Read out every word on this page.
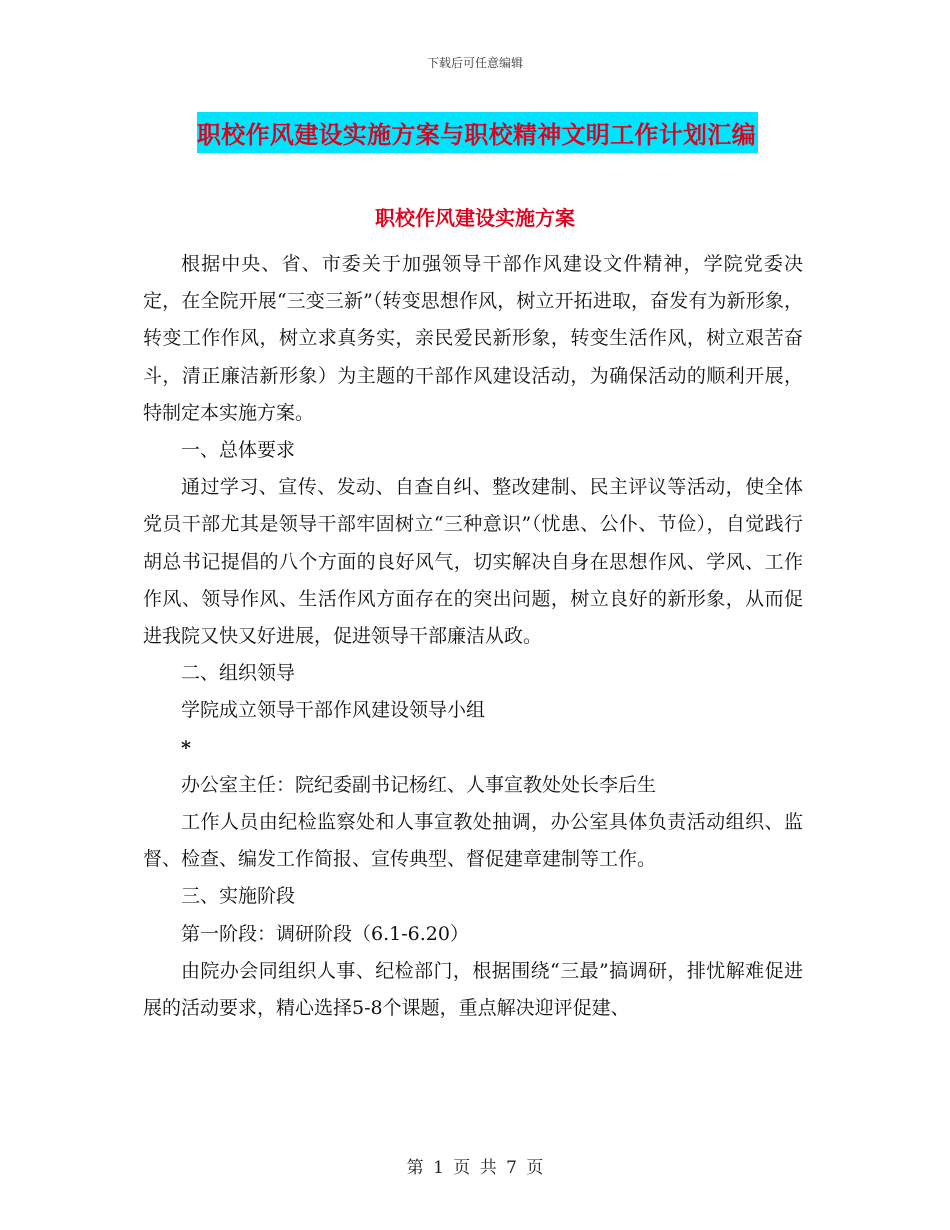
下载后可任意编辑
职校作风建设实施方案与职校精神文明工作计划汇编
职校作风建设实施方案

根据中央、省、市委关于加强领导干部作风建设文件精神，学院党委决定，在全院开展“三变三新”（转变思想作风，树立开拓进取，奋发有为新形象，转变工作作风，树立求真务实，亲民爱民新形象，转变生活作风，树立艰苦奋斗，清正廉洁新形象）为主题的干部作风建设活动，为确保活动的顺利开展，特制定本实施方案。

一、总体要求

通过学习、宣传、发动、自查自纠、整改建制、民主评议等活动，使全体党员干部尤其是领导干部牢固树立“三种意识”（忧患、公仆、节俭），自觉践行胡总书记提倡的八个方面的良好风气，切实解决自身在思想作风、学风、工作作风、领导作风、生活作风方面存在的突出问题，树立良好的新形象，从而促进我院又快又好进展，促进领导干部廉洁从政。

二、组织领导

学院成立领导干部作风建设领导小组

*

办公室主任：院纪委副书记杨红、人事宣教处处长李后生

工作人员由纪检监察处和人事宣教处抽调，办公室具体负责活动组织、监督、检查、编发工作简报、宣传典型、督促建章建制等工作。

三、实施阶段

第一阶段：调研阶段（6.1-6.20）

由院办会同组织人事、纪检部门，根据围绕“三最”搞调研，排忧解难促进展的活动要求，精心选择5-8个课题，重点解决迎评促建、

第 1 页 共 7 页
